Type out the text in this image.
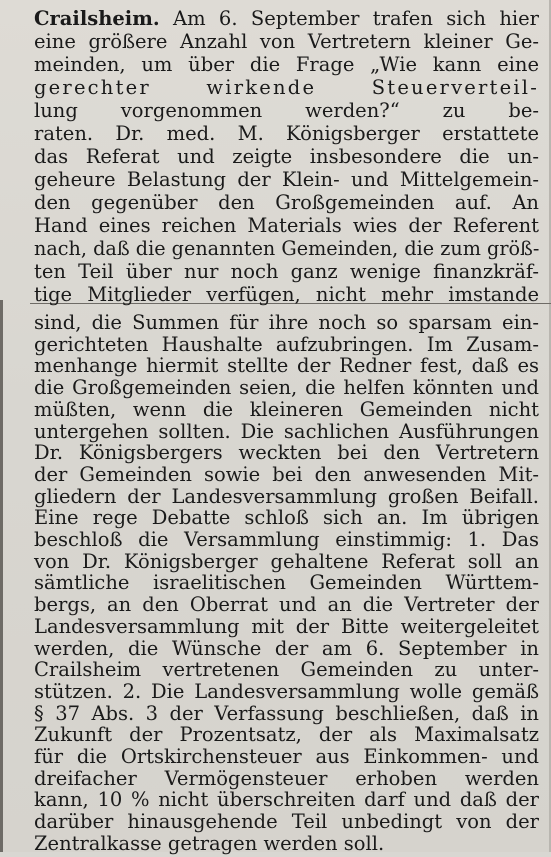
Crailsheim. Am 6. September trafen sich hier
eine größere Anzahl von Vertretern kleiner Ge-
meinden, um über die Frage „Wie kann eine
gerechter wirkende Steuerverteil-
lung vorgenommen werden?“ zu be-
raten. Dr. med. M. Königsberger erstattete
das Referat und zeigte insbesondere die un-
geheure Belastung der Klein- und Mittelgemein-
den gegenüber den Großgemeinden auf. An
Hand eines reichen Materials wies der Referent
nach, daß die genannten Gemeinden, die zum größ-
ten Teil über nur noch ganz wenige finanzkräf-
tige Mitglieder verfügen, nicht mehr imstande
sind, die Summen für ihre noch so sparsam ein-
gerichteten Haushalte aufzubringen. Im Zusam-
menhange hiermit stellte der Redner fest, daß es
die Großgemeinden seien, die helfen könnten und
müßten, wenn die kleineren Gemeinden nicht
untergehen sollten. Die sachlichen Ausführungen
Dr. Königsbergers weckten bei den Vertretern
der Gemeinden sowie bei den anwesenden Mit-
gliedern der Landesversammlung großen Beifall.
Eine rege Debatte schloß sich an. Im übrigen
beschloß die Versammlung einstimmig: 1. Das
von Dr. Königsberger gehaltene Referat soll an
sämtliche israelitischen Gemeinden Württem-
bergs, an den Oberrat und an die Vertreter der
Landesversammlung mit der Bitte weitergeleitet
werden, die Wünsche der am 6. September in
Crailsheim vertretenen Gemeinden zu unter-
stützen. 2. Die Landesversammlung wolle gemäß
§ 37 Abs. 3 der Verfassung beschließen, daß in
Zukunft der Prozentsatz, der als Maximalsatz
für die Ortskirchensteuer aus Einkommen- und
dreifacher Vermögensteuer erhoben werden
kann, 10 % nicht überschreiten darf und daß der
darüber hinausgehende Teil unbedingt von der
Zentralkasse getragen werden soll.
